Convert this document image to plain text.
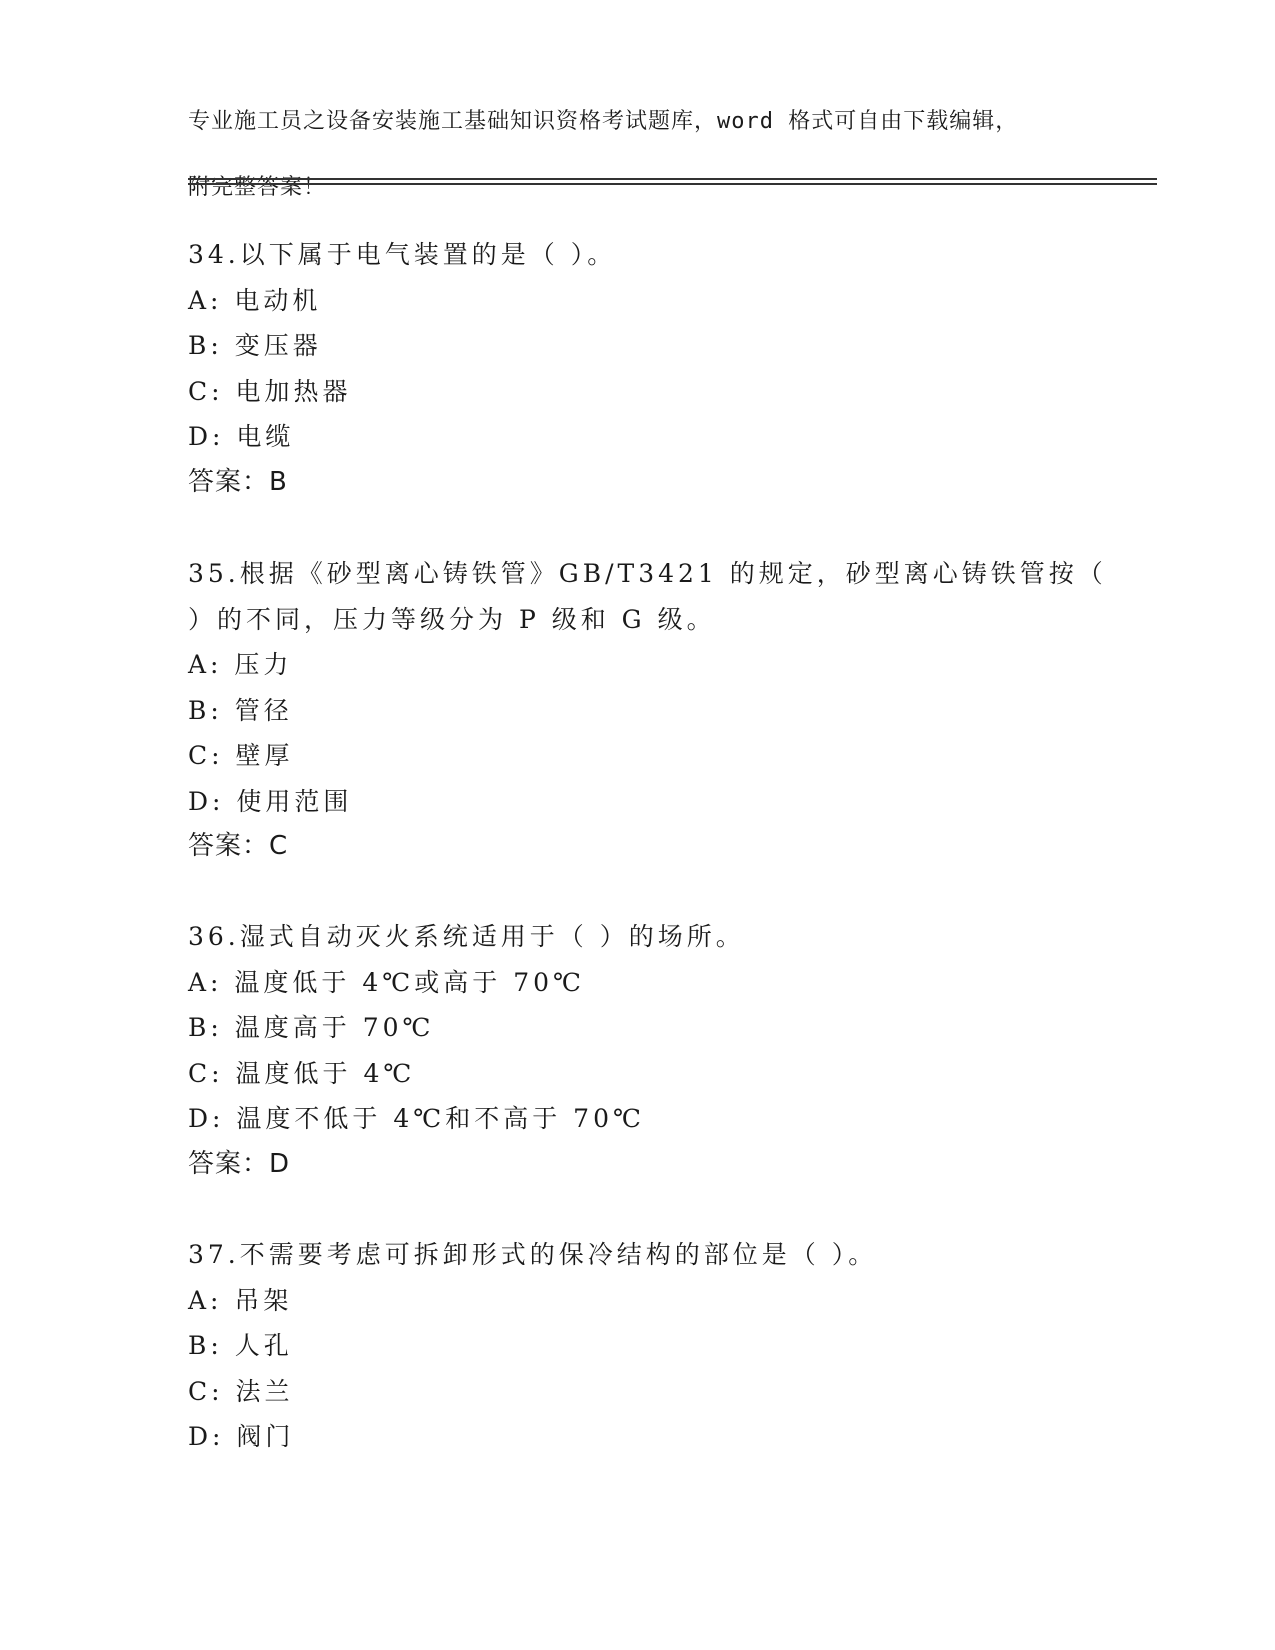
专业施工员之设备安装施工基础知识资格考试题库，word 格式可自由下载编辑，

附完整答案！

34.以下属于电气装置的是（ ）。
A: 电动机
B: 变压器
C: 电加热器
D: 电缆
答案：B
35.根据《砂型离心铸铁管》GB/T3421 的规定，砂型离心铸铁管按（
）的不同，压力等级分为 P 级和 G 级。
A: 压力
B: 管径
C: 壁厚
D: 使用范围
答案：C
36.湿式自动灭火系统适用于（ ）的场所。
A: 温度低于 4℃或高于 70℃
B: 温度高于 70℃
C: 温度低于 4℃
D: 温度不低于 4℃和不高于 70℃
答案：D
37.不需要考虑可拆卸形式的保冷结构的部位是（ ）。
A: 吊架
B: 人孔
C: 法兰
D: 阀门
